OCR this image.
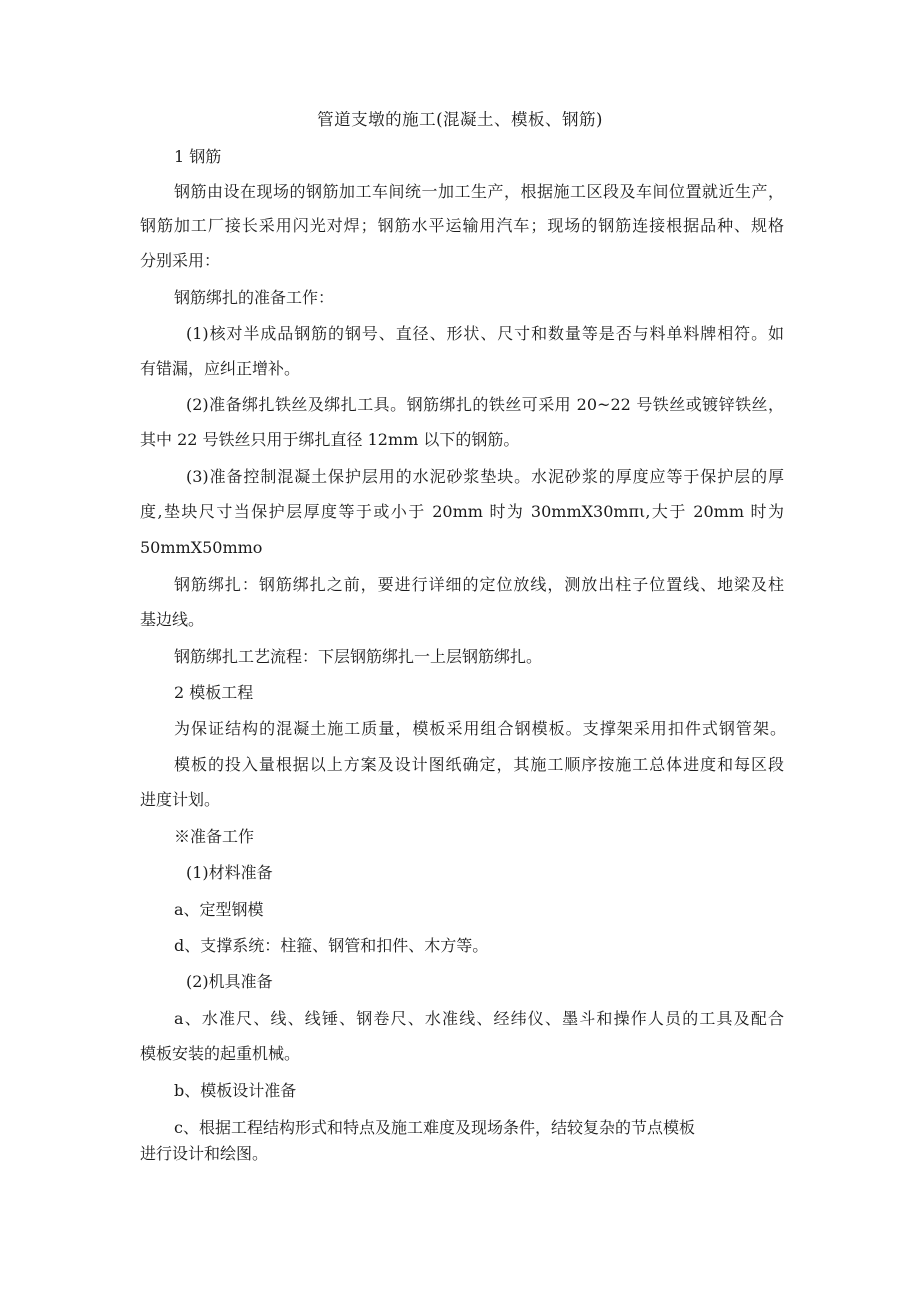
管道支墩的施工(混凝土、模板、钢筋)
1 钢筋
钢筋由设在现场的钢筋加工车间统一加工生产，根据施工区段及车间位置就近生产，
钢筋加工厂接长采用闪光对焊；钢筋水平运输用汽车；现场的钢筋连接根据品种、规格
分别采用：
钢筋绑扎的准备工作：
(1)核对半成品钢筋的钢号、直径、形状、尺寸和数量等是否与料单料牌相符。如
有错漏，应纠正增补。
(2)准备绑扎铁丝及绑扎工具。钢筋绑扎的铁丝可采用 20~22 号铁丝或镀锌铁丝，
其中 22 号铁丝只用于绑扎直径 12mm 以下的钢筋。
(3)准备控制混凝土保护层用的水泥砂浆垫块。水泥砂浆的厚度应等于保护层的厚
度,垫块尺寸当保护层厚度等于或小于 20mm 时为 30mmX30mπι,大于 20mm 时为
50mmX50mmo
钢筋绑扎：钢筋绑扎之前，要进行详细的定位放线，测放出柱子位置线、地梁及柱
基边线。
钢筋绑扎工艺流程：下层钢筋绑扎一上层钢筋绑扎。
2 模板工程
为保证结构的混凝土施工质量，模板采用组合钢模板。支撑架采用扣件式钢管架。
模板的投入量根据以上方案及设计图纸确定，其施工顺序按施工总体进度和每区段
进度计划。
※准备工作
(1)材料准备
a、定型钢模
d、支撑系统：柱箍、钢管和扣件、木方等。
(2)机具准备
a、水准尺、线、线锤、钢卷尺、水准线、经纬仪、墨斗和操作人员的工具及配合
模板安装的起重机械。
b、模板设计准备
c、根据工程结构形式和特点及施工难度及现场条件，结较复杂的节点模板
进行设计和绘图。
